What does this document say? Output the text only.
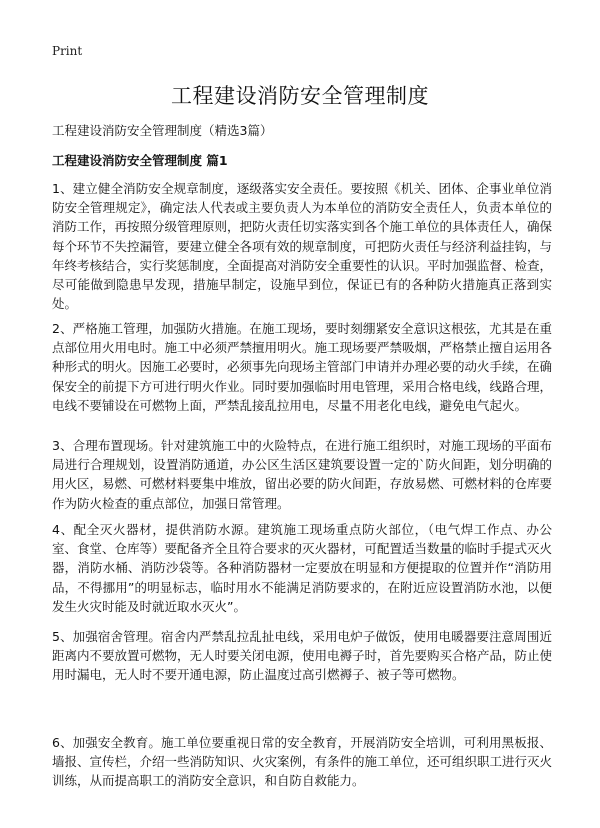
Print
工程建设消防安全管理制度

工程建设消防安全管理制度（精选3篇）

工程建设消防安全管理制度 篇1

1、建立健全消防安全规章制度，逐级落实安全责任。要按照《机关、团体、企事业单位消防安全管理规定》，确定法人代表或主要负责人为本单位的消防安全责任人，负责本单位的消防工作，再按照分级管理原则，把防火责任切实落实到各个施工单位的具体责任人，确保每个环节不失控漏管，要建立健全各项有效的规章制度，可把防火责任与经济利益挂钩，与年终考核结合，实行奖惩制度，全面提高对消防安全重要性的认识。平时加强监督、检查，尽可能做到隐患早发现，措施早制定，设施早到位，保证已有的各种防火措施真正落到实处。

2、严格施工管理，加强防火措施。在施工现场，要时刻绷紧安全意识这根弦，尤其是在重点部位用火用电时。施工中必须严禁擅用明火。施工现场要严禁吸烟，严格禁止擅自运用各种形式的明火。因施工必要时，必须事先向现场主管部门申请并办理必要的动火手续，在确保安全的前提下方可进行明火作业。同时要加强临时用电管理，采用合格电线，线路合理，电线不要铺设在可燃物上面，严禁乱接乱拉用电，尽量不用老化电线，避免电气起火。

3、合理布置现场。针对建筑施工中的火险特点，在进行施工组织时，对施工现场的平面布局进行合理规划，设置消防通道，办公区生活区建筑要设置一定的`防火间距，划分明确的用火区，易燃、可燃材料要集中堆放，留出必要的防火间距，存放易燃、可燃材料的仓库要作为防火检查的重点部位，加强日常管理。

4、配全灭火器材，提供消防水源。建筑施工现场重点防火部位，（电气焊工作点、办公室、食堂、仓库等）要配备齐全且符合要求的灭火器材，可配置适当数量的临时手提式灭火器，消防水桶、消防沙袋等。各种消防器材一定要放在明显和方便提取的位置并作“消防用品，不得挪用”的明显标志，临时用水不能满足消防要求的，在附近应设置消防水池，以便发生火灾时能及时就近取水灭火”。

5、加强宿舍管理。宿舍内严禁乱拉乱扯电线，采用电炉子做饭，使用电暖器要注意周围近距离内不要放置可燃物，无人时要关闭电源，使用电褥子时，首先要购买合格产品，防止使用时漏电，无人时不要开通电源，防止温度过高引燃褥子、被子等可燃物。

6、加强安全教育。施工单位要重视日常的安全教育，开展消防安全培训，可利用黑板报、墙报、宣传栏，介绍一些消防知识、火灾案例，有条件的施工单位，还可组织职工进行灭火训练，从而提高职工的消防安全意识，和自防自救能力。
